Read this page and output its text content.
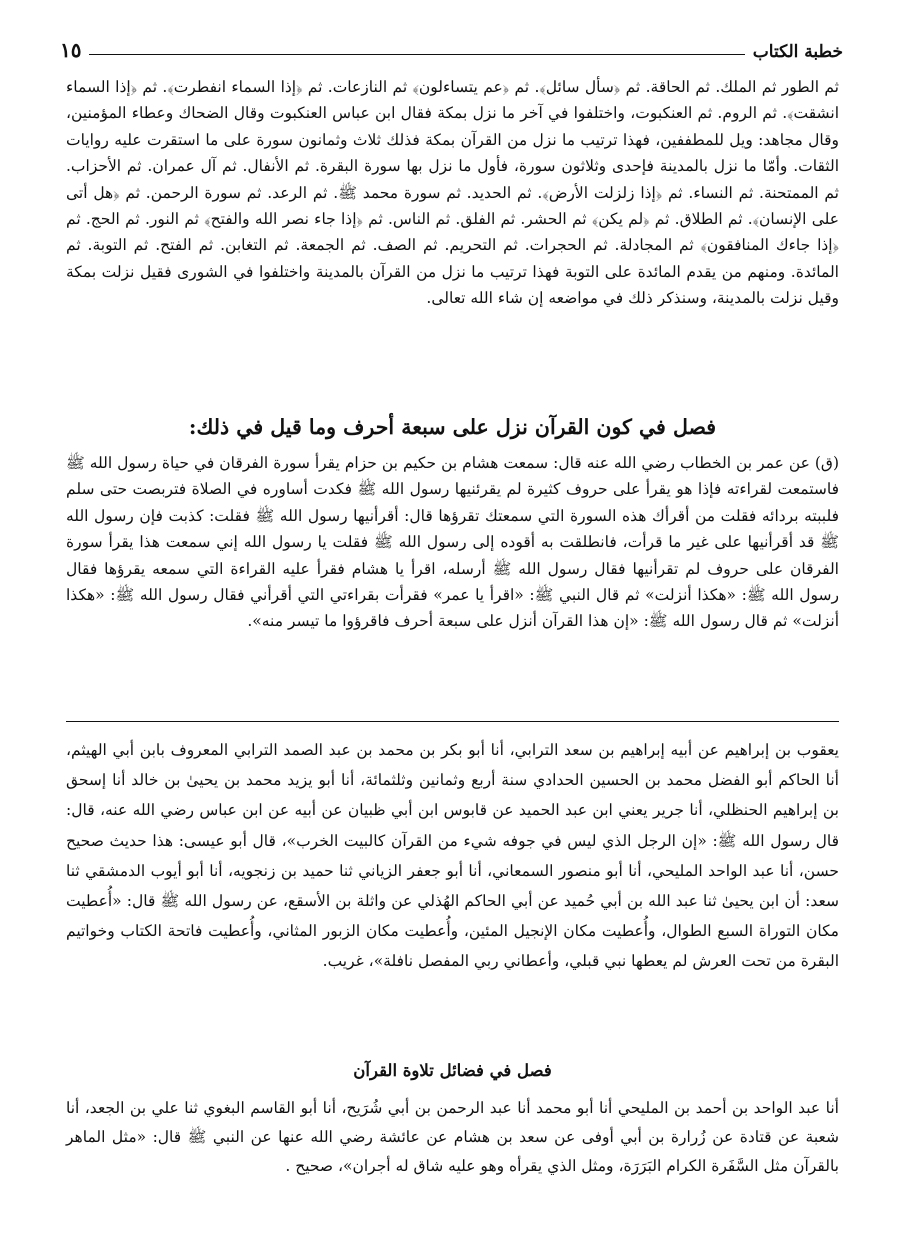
خطبة الكتاب
١٥

ثم الطور ثم الملك. ثم الحاقة. ثم ﴿سأل سائل﴾. ثم ﴿عم يتساءلون﴾ ثم النازعات. ثم ﴿إذا السماء انفطرت﴾. ثم ﴿إذا السماء انشقت﴾. ثم الروم. ثم العنكبوت، واختلفوا في آخر ما نزل بمكة فقال ابن عباس العنكبوت وقال الضحاك وعطاء المؤمنين، وقال مجاهد: ويل للمطففين، فهذا ترتيب ما نزل من القرآن بمكة فذلك ثلاث وثمانون سورة على ما استقرت عليه روايات الثقات. وأمّا ما نزل بالمدينة فإحدى وثلاثون سورة، فأول ما نزل بها سورة البقرة. ثم الأنفال. ثم آل عمران. ثم الأحزاب. ثم الممتحنة. ثم النساء. ثم ﴿إذا زلزلت الأرض﴾. ثم الحديد. ثم سورة محمد ﷺ. ثم الرعد. ثم سورة الرحمن. ثم ﴿هل أتى على الإنسان﴾. ثم الطلاق. ثم ﴿لم يكن﴾ ثم الحشر. ثم الفلق. ثم الناس. ثم ﴿إذا جاء نصر الله والفتح﴾ ثم النور. ثم الحج. ثم ﴿إذا جاءك المنافقون﴾ ثم المجادلة. ثم الحجرات. ثم التحريم. ثم الصف. ثم الجمعة. ثم التغابن. ثم الفتح. ثم التوبة. ثم المائدة. ومنهم من يقدم المائدة على التوبة فهذا ترتيب ما نزل من القرآن بالمدينة واختلفوا في الشورى فقيل نزلت بمكة وقيل نزلت بالمدينة، وسنذكر ذلك في مواضعه إن شاء الله تعالى.

فصل في كون القرآن نزل على سبعة أحرف وما قيل في ذلك:

(ق) عن عمر بن الخطاب رضي الله عنه قال: سمعت هشام بن حكيم بن حزام يقرأ سورة الفرقان في حياة رسول الله ﷺ فاستمعت لقراءته فإذا هو يقرأ على حروف كثيرة لم يقرئنيها رسول الله ﷺ فكدت أساوره في الصلاة فتربصت حتى سلم فلببته بردائه فقلت من أقرأك هذه السورة التي سمعتك تقرؤها قال: أقرأنيها رسول الله ﷺ فقلت: كذبت فإن رسول الله ﷺ قد أقرأنيها على غير ما قرأت، فانطلقت به أقوده إلى رسول الله ﷺ فقلت يا رسول الله إني سمعت هذا يقرأ سورة الفرقان على حروف لم تقرأنيها فقال رسول الله ﷺ أرسله، اقرأ يا هشام فقرأ عليه القراءة التي سمعه يقرؤها فقال رسول الله ﷺ: «هكذا أنزلت» ثم قال النبي ﷺ: «اقرأ يا عمر» فقرأت بقراءتي التي أقرأني فقال رسول الله ﷺ: «هكذا أنزلت» ثم قال رسول الله ﷺ: «إن هذا القرآن أنزل على سبعة أحرف فاقرؤوا ما تيسر منه».

يعقوب بن إبراهيم عن أبيه إبراهيم بن سعد الترابي، أنا أبو بكر بن محمد بن عبد الصمد الترابي المعروف بابن أبي الهيثم، أنا الحاكم أبو الفضل محمد بن الحسين الحدادي سنة أربع وثمانين وثلثمائة، أنا أبو يزيد محمد بن يحيىٰ بن خالد أنا إسحق بن إبراهيم الحنظلي، أنا جرير يعني ابن عبد الحميد عن قابوس ابن أبي ظبيان عن أبيه عن ابن عباس رضي الله عنه، قال: قال رسول الله ﷺ: «إن الرجل الذي ليس في جوفه شيء من القرآن كالبيت الخرب»، قال أبو عيسى: هذا حديث صحيح حسن، أنا عبد الواحد المليحي، أنا أبو منصور السمعاني، أنا أبو جعفر الزياني ثنا حميد بن زنجويه، أنا أبو أيوب الدمشقي ثنا سعد: أن ابن يحيىٰ ثنا عبد الله بن أبي حُميد عن أبي الحاكم الهُذلي عن واثلة بن الأسقع، عن رسول الله ﷺ قال: «أُعطيت مكان التوراة السبع الطوال، وأُعطيت مكان الإنجيل المئين، وأُعطيت مكان الزبور المثاني، وأُعطيت فاتحة الكتاب وخواتيم البقرة من تحت العرش لم يعطها نبي قبلي، وأعطاني ربي المفصل نافلة»، غريب.

فصل في فضائل تلاوة القرآن

أنا عبد الواحد بن أحمد بن المليحي أنا أبو محمد أنا عبد الرحمن بن أبي شُرَيح، أنا أبو القاسم البغوي ثنا علي بن الجعد، أنا شعبة عن قتادة عن زُرارة بن أبي أوفى عن سعد بن هشام عن عائشة رضي الله عنها عن النبي ﷺ قال: «مثل الماهر بالقرآن مثل السَّفَرة الكرام البَرَرَة، ومثل الذي يقرأه وهو عليه شاق له أجران»، صحيح .
